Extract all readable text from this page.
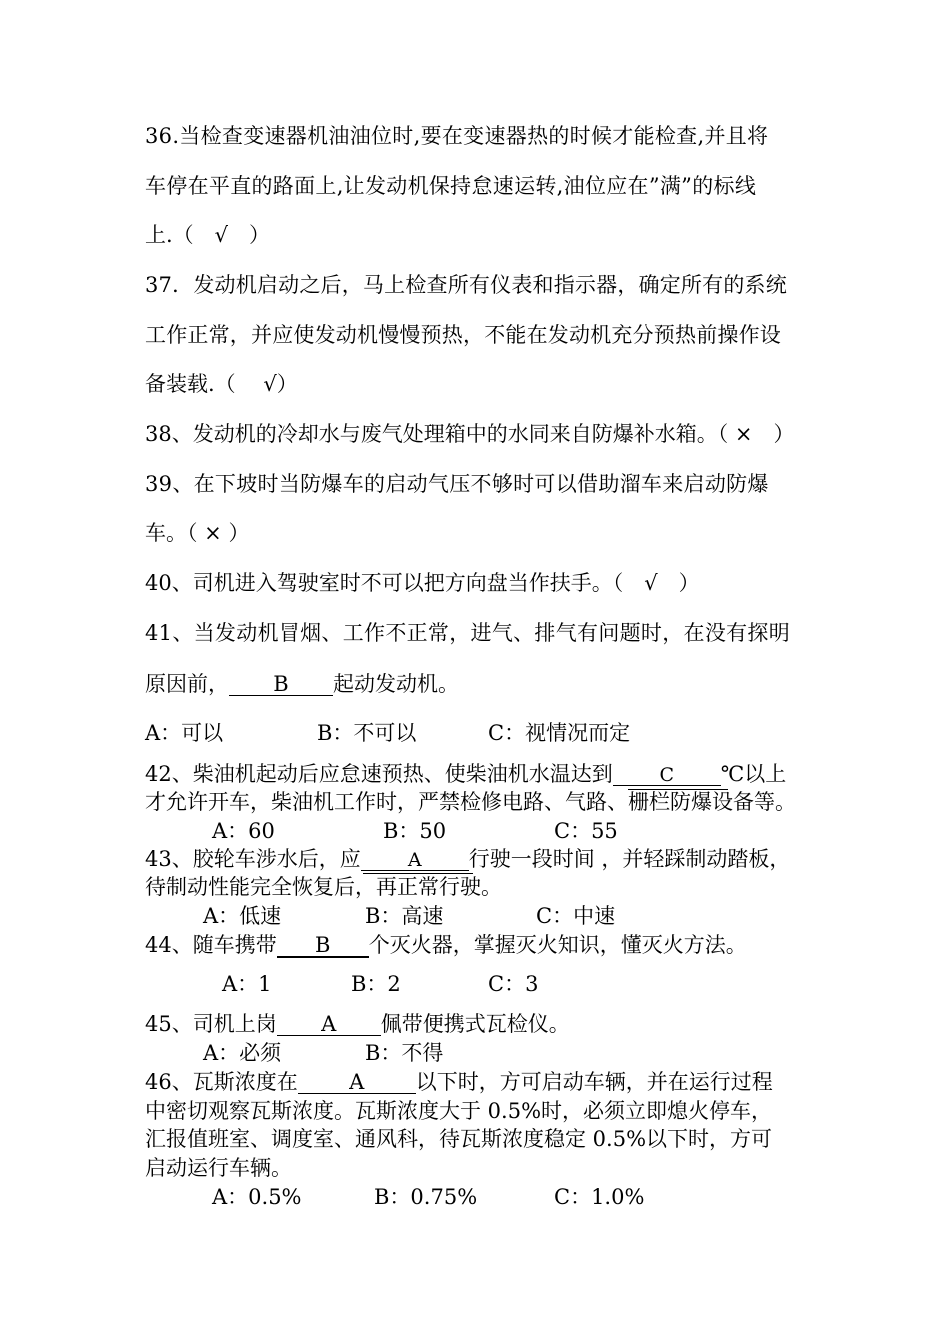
36.当检查变速器机油油位时,要在变速器热的时候才能检查,并且将
车停在平直的路面上,让发动机保持怠速运转,油位应在”满”的标线
上.（　√　）
37．发动机启动之后，马上检查所有仪表和指示器，确定所有的系统
工作正常，并应使发动机慢慢预热，不能在发动机充分预热前操作设
备装载.（　 √）
38、发动机的冷却水与废气处理箱中的水同来自防爆补水箱。（ ×　）
39、在下坡时当防爆车的启动气压不够时可以借助溜车来启动防爆
车。（ × ）
40、司机进入驾驶室时不可以把方向盘当作扶手。（　√　）
41、当发动机冒烟、工作不正常，进气、排气有问题时，在没有探明
原因前， B 起动发动机。
A：可以	B：不可以	C：视情况而定
42、柴油机起动后应怠速预热、使柴油机水温达到 C ℃以上
才允许开车，柴油机工作时，严禁检修电路、气路、栅栏防爆设备等。
A：60	B：50	C：55
43、胶轮车涉水后，应 A 行驶一段时间 ，并轻踩制动踏板，
待制动性能完全恢复后，再正常行驶。
A：低速	B：高速	C：中速
44、随车携带 B 个灭火器，掌握灭火知识，懂灭火方法。
A：1	B：2	C：3
45、司机上岗 A 佩带便携式瓦检仪。
A：必须	B：不得
46、瓦斯浓度在 A 以下时，方可启动车辆，并在运行过程
中密切观察瓦斯浓度。瓦斯浓度大于 0.5%时，必须立即熄火停车，
汇报值班室、调度室、通风科，待瓦斯浓度稳定 0.5%以下时，方可
启动运行车辆。
A：0.5%	B：0.75%	C：1.0%
